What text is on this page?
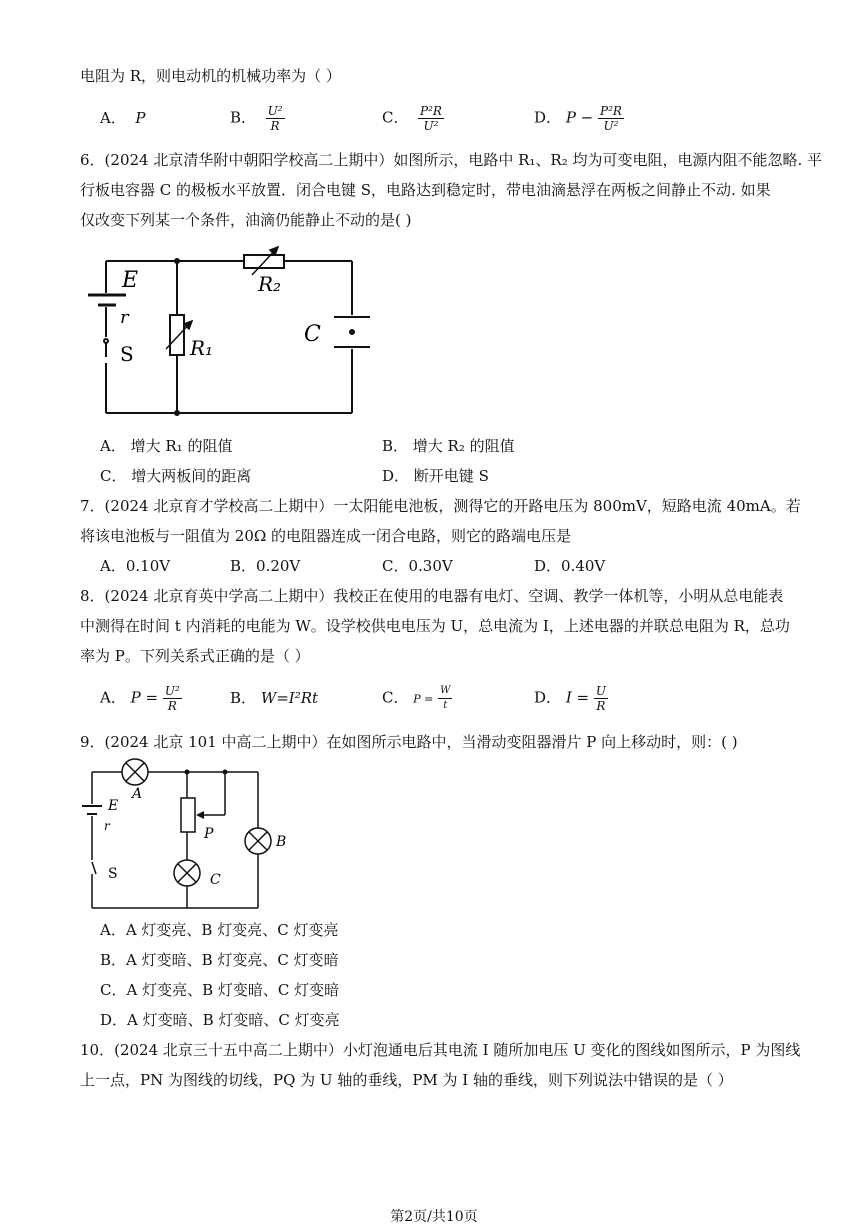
电阻为 R，则电动机的机械功率为（ ）
A． P	B． $\frac{\text{U²}}{R}$	C． $\frac{\text{P²R}}{\text{U²}}$	D． $P - \frac{\text{P²R}}{\text{U²}}$
6．(2024 北京清华附中朝阳学校高二上期中）如图所示，电路中 R₁、R₂ 均为可变电阻，电源内阻不能忽略. 平
行板电容器 C 的极板水平放置．闭合电键 S，电路达到稳定时，带电油滴悬浮在两板之间静止不动. 如果
仅改变下列某一个条件，油滴仍能静止不动的是( )
E
r
S	R₁
R₂
C
A． 增大 R₁ 的阻值	B． 增大 R₂ 的阻值
C． 增大两板间的距离	D． 断开电键 S
7．(2024 北京育才学校高二上期中）一太阳能电池板，测得它的开路电压为 800mV，短路电流 40mA。若
将该电池板与一阻值为 20Ω 的电阻器连成一闭合电路，则它的路端电压是
A．0.10V	B．0.20V	C．0.30V	D．0.40V
8．(2024 北京育英中学高二上期中）我校正在使用的电器有电灯、空调、教学一体机等，小明从总电能表
中测得在时间 t 内消耗的电能为 W。设学校供电电压为 U，总电流为 I，上述电器的并联总电阻为 R，总功
率为 P。下列关系式正确的是（ ）
A． $P = \frac{\text{U²}}{R}$	B． W=I²Rt	C． $P = \frac{W}{t}$	D． $I = \frac{U}{R}$
9．(2024 北京 101 中高二上期中）在如图所示电路中，当滑动变阻器滑片 P 向上移动时，则：( )
A
B
C
E
r
S
P
A．A 灯变亮、B 灯变亮、C 灯变亮
B．A 灯变暗、B 灯变亮、C 灯变暗
C．A 灯变亮、B 灯变暗、C 灯变暗
D．A 灯变暗、B 灯变暗、C 灯变亮
10．(2024 北京三十五中高二上期中）小灯泡通电后其电流 I 随所加电压 U 变化的图线如图所示，P 为图线
上一点，PN 为图线的切线，PQ 为 U 轴的垂线，PM 为 I 轴的垂线，则下列说法中错误的是（ ）
第2页/共10页
